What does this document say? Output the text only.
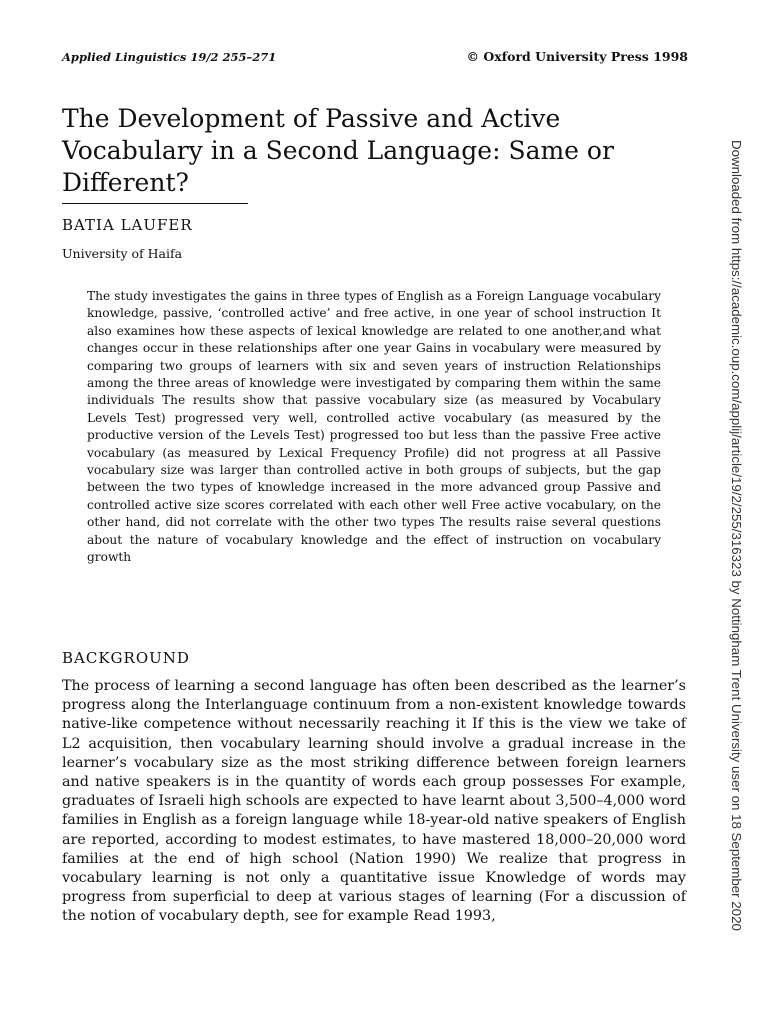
Applied Linguistics 19/2 255–271	© Oxford University Press 1998
The Development of Passive and Active Vocabulary in a Second Language: Same or Different?
BATIA LAUFER
University of Haifa

The study investigates the gains in three types of English as a Foreign Language vocabulary knowledge, passive, ‘controlled active’ and free active, in one year of school instruction It also examines how these aspects of lexical knowledge are related to one another,and what changes occur in these relationships after one year Gains in vocabulary were measured by comparing two groups of learners with six and seven years of instruction Relationships among the three areas of knowledge were investigated by comparing them within the same individuals The results show that passive vocabulary size (as measured by Vocabulary Levels Test) progressed very well, controlled active vocabulary (as measured by the productive version of the Levels Test) progressed too but less than the passive Free active vocabulary (as measured by Lexical Frequency Profile) did not progress at all Passive vocabulary size was larger than controlled active in both groups of subjects, but the gap between the two types of knowledge increased in the more advanced group Passive and controlled active size scores correlated with each other well Free active vocabulary, on the other hand, did not correlate with the other two types The results raise several questions about the nature of vocabulary knowledge and the effect of instruction on vocabulary growth

BACKGROUND

The process of learning a second language has often been described as the learner’s progress along the Interlanguage continuum from a non-existent knowledge towards native-like competence without necessarily reaching it If this is the view we take of L2 acquisition, then vocabulary learning should involve a gradual increase in the learner’s vocabulary size as the most striking difference between foreign learners and native speakers is in the quantity of words each group possesses For example, graduates of Israeli high schools are expected to have learnt about 3,500–4,000 word families in English as a foreign language while 18-year-old native speakers of English are reported, according to modest estimates, to have mastered 18,000–20,000 word families at the end of high school (Nation 1990) We realize that progress in vocabulary learning is not only a quantitative issue Knowledge of words may progress from superficial to deep at various stages of learning (For a discussion of the notion of vocabulary depth, see for example Read 1993,	Downloaded from https://academic.oup.com/applij/article/19/2/255/316323 by Nottingham Trent University user on 18 September 2020
